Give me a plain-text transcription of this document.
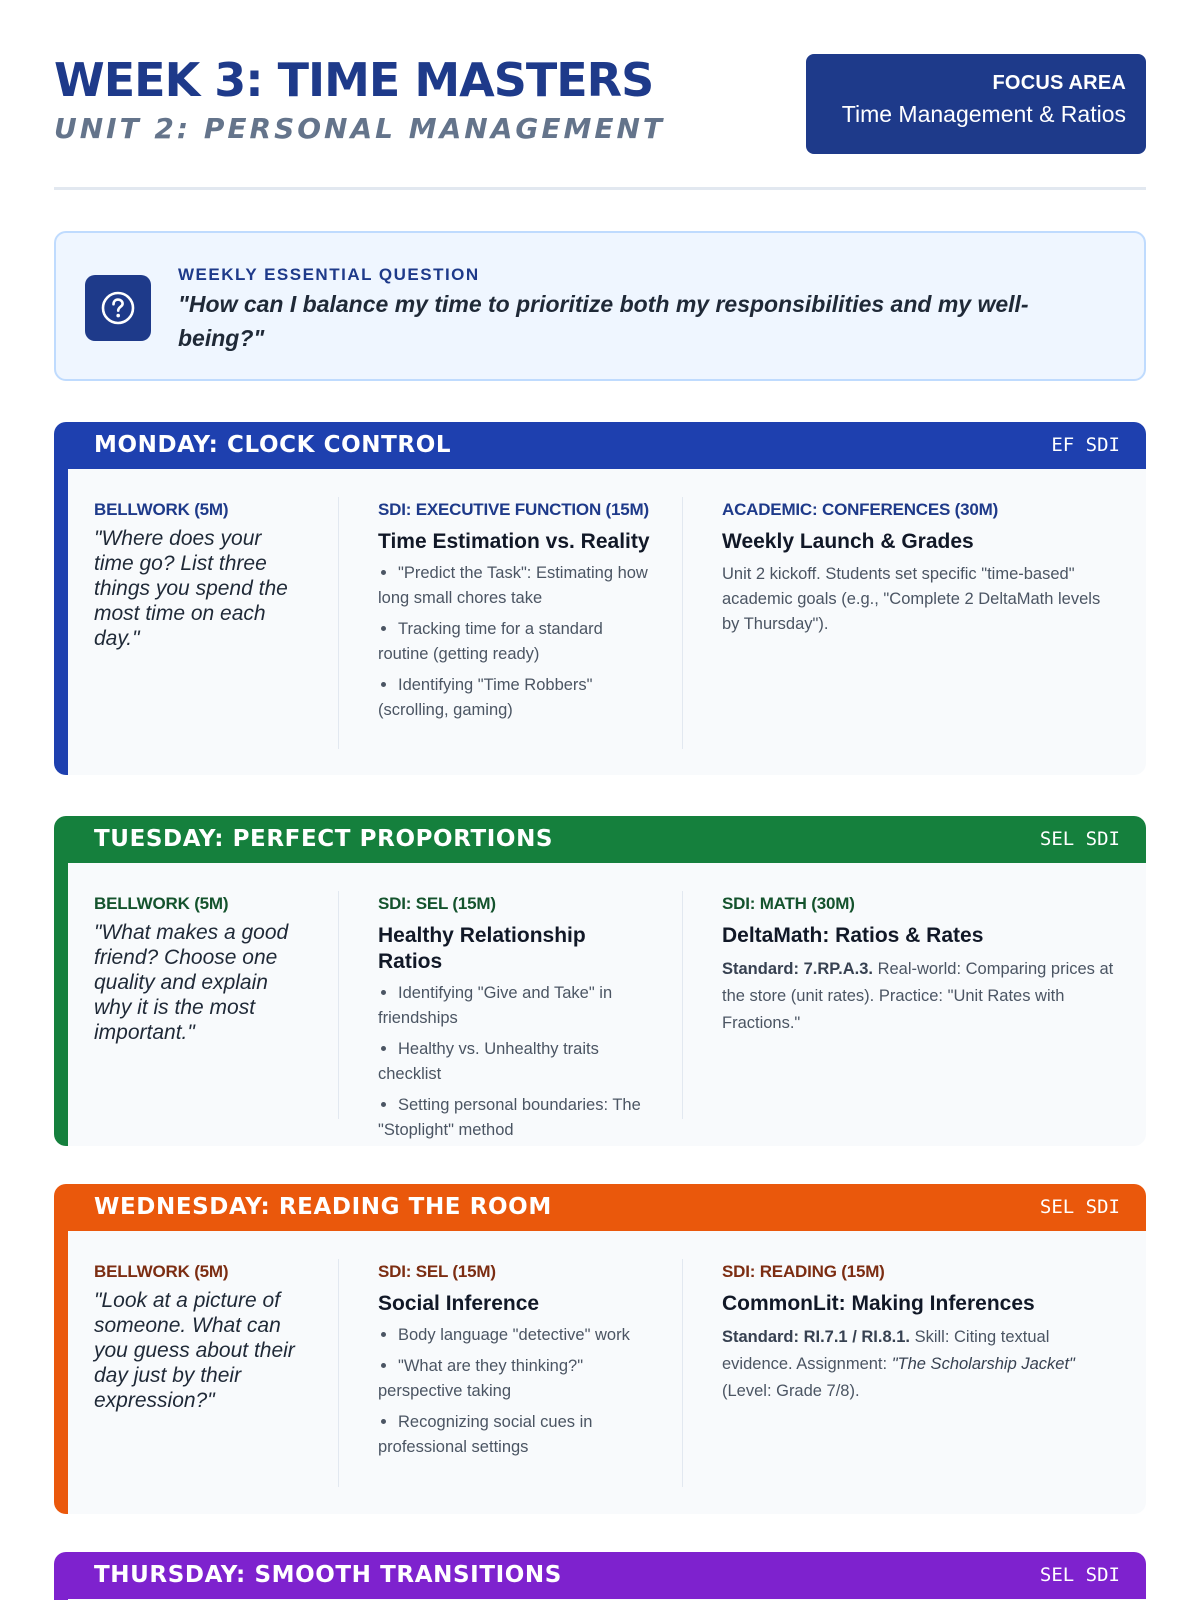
WEEK 3: TIME MASTERS
UNIT 2: PERSONAL MANAGEMENT
FOCUS AREA
Time Management & Ratios
WEEKLY ESSENTIAL QUESTION
"How can I balance my time to prioritize both my responsibilities and my well-being?"
MONDAY: CLOCK CONTROL	EF SDI
BELLWORK (5M)
"Where does your time go? List three things you spend the most time on each day."
SDI: EXECUTIVE FUNCTION (15M)
Time Estimation vs. Reality
"Predict the Task": Estimating how long small chores take
Tracking time for a standard routine (getting ready)
Identifying "Time Robbers" (scrolling, gaming)
ACADEMIC: CONFERENCES (30M)
Weekly Launch & Grades
Unit 2 kickoff. Students set specific "time-based" academic goals (e.g., "Complete 2 DeltaMath levels by Thursday").
TUESDAY: PERFECT PROPORTIONS	SEL SDI
BELLWORK (5M)
"What makes a good friend? Choose one quality and explain why it is the most important."
SDI: SEL (15M)
Healthy Relationship Ratios
Identifying "Give and Take" in friendships
Healthy vs. Unhealthy traits checklist
Setting personal boundaries: The "Stoplight" method
SDI: MATH (30M)
DeltaMath: Ratios & Rates
Standard: 7.RP.A.3. Real-world: Comparing prices at the store (unit rates). Practice: "Unit Rates with Fractions."
WEDNESDAY: READING THE ROOM	SEL SDI
BELLWORK (5M)
"Look at a picture of someone. What can you guess about their day just by their expression?"
SDI: SEL (15M)
Social Inference
Body language "detective" work
"What are they thinking?" perspective taking
Recognizing social cues in professional settings
SDI: READING (15M)
CommonLit: Making Inferences
Standard: RI.7.1 / RI.8.1. Skill: Citing textual evidence. Assignment: "The Scholarship Jacket" (Level: Grade 7/8).
THURSDAY: SMOOTH TRANSITIONS	SEL SDI
